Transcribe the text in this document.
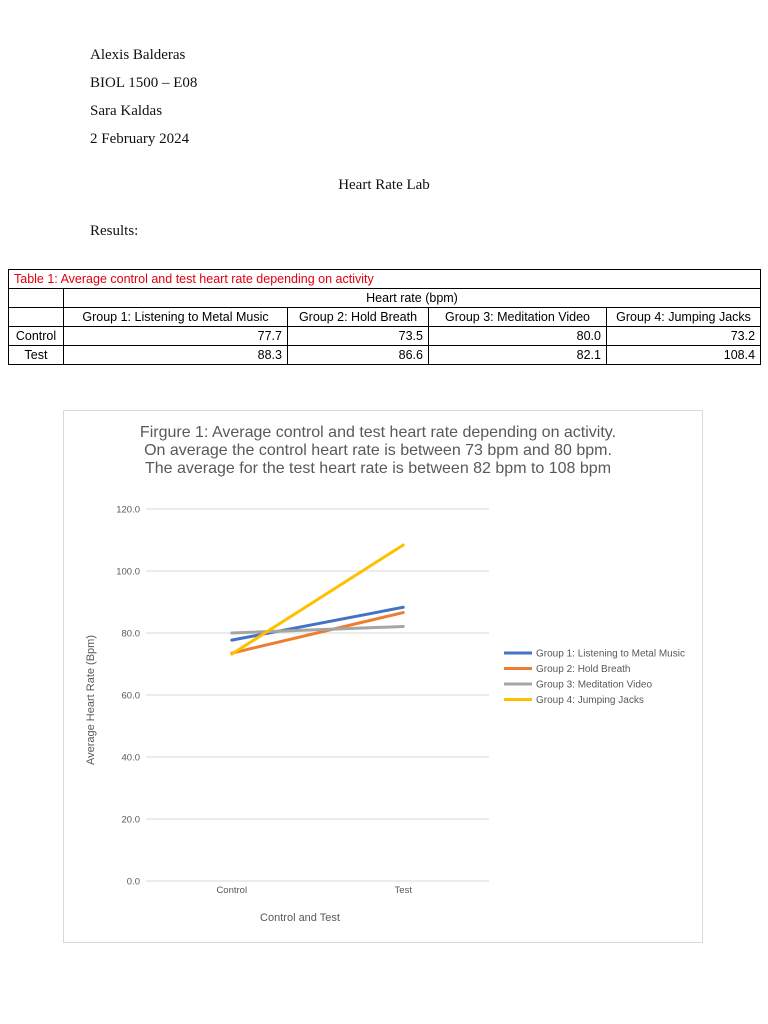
Alexis Balderas
BIOL 1500 – E08
Sara Kaldas
2 February 2024
Heart Rate Lab
Results:
Table 1: Average control and test heart rate depending on activity				
	Heart rate (bpm)			
	Group 1: Listening to Metal Music	Group 2: Hold Breath	Group 3: Meditation Video	Group 4: Jumping Jacks
Control	77.7	73.5	80.0	73.2
Test	88.3	86.6	82.1	108.4
Firgure 1: Average control and test heart rate depending on activity.
On average the control heart rate is between 73 bpm and 80 bpm.
The average for the test heart rate is between 82 bpm to 108 bpm
0.0
20.0
40.0
60.0
80.0
100.0
120.0
Control	Test
Group 1: Listening to Metal Music
Group 2: Hold Breath
Group 3: Meditation Video
Group 4: Jumping Jacks
Control and Test
Average Heart Rate (Bpm)
